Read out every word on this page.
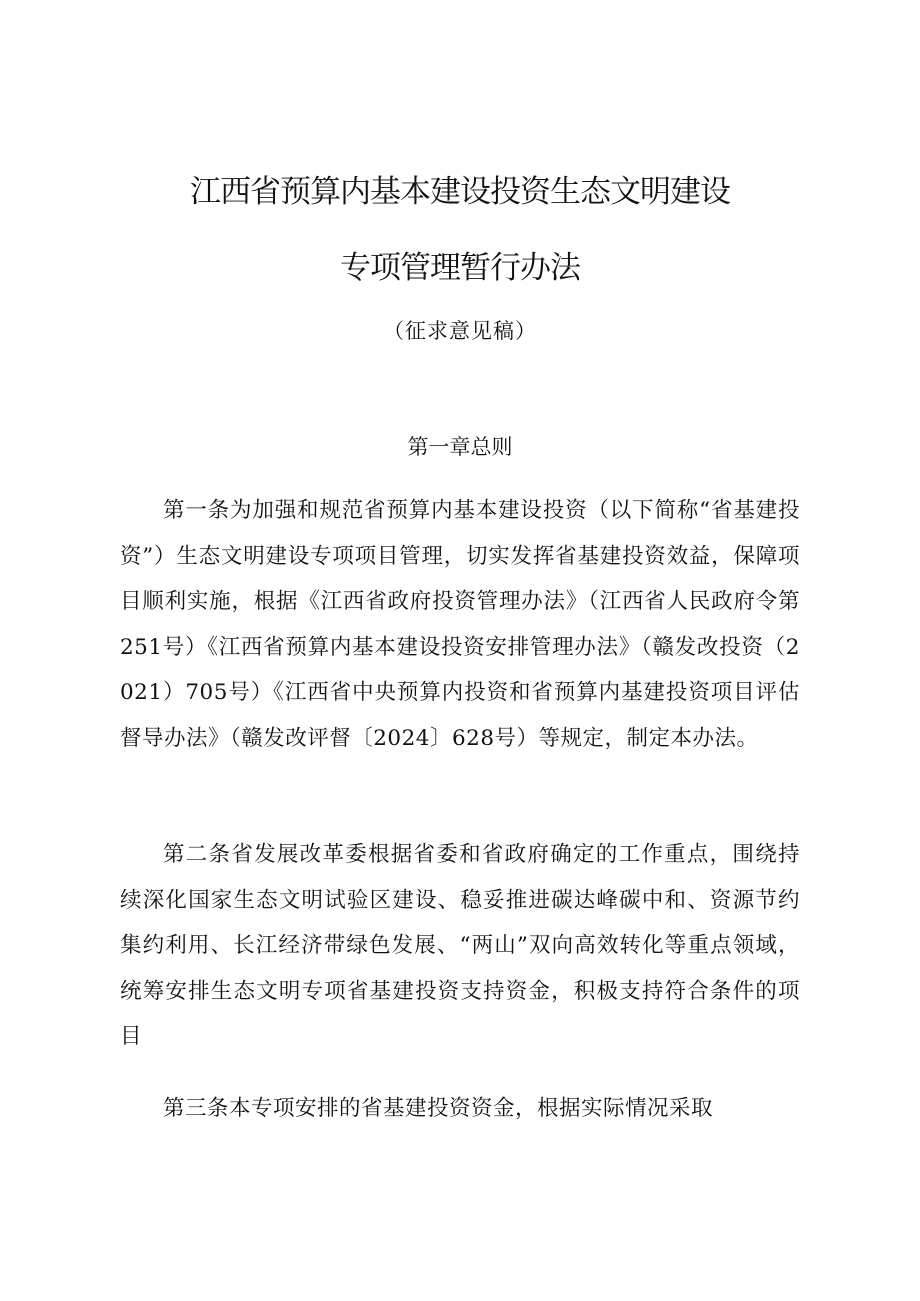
江西省预算内基本建设投资生态文明建设
专项管理暂行办法
（征求意见稿）
第一章总则

第一条为加强和规范省预算内基本建设投资（以下简称“省基建投资”）生态文明建设专项项目管理，切实发挥省基建投资效益，保障项目顺利实施，根据《江西省政府投资管理办法》（江西省人民政府令第251号）《江西省预算内基本建设投资安排管理办法》（赣发改投资（2021）705号）《江西省中央预算内投资和省预算内基建投资项目评估督导办法》（赣发改评督〔2024〕628号）等规定，制定本办法。

第二条省发展改革委根据省委和省政府确定的工作重点，围绕持续深化国家生态文明试验区建设、稳妥推进碳达峰碳中和、资源节约集约利用、长江经济带绿色发展、“两山”双向高效转化等重点领域，统筹安排生态文明专项省基建投资支持资金，积极支持符合条件的项目

第三条本专项安排的省基建投资资金，根据实际情况采取
